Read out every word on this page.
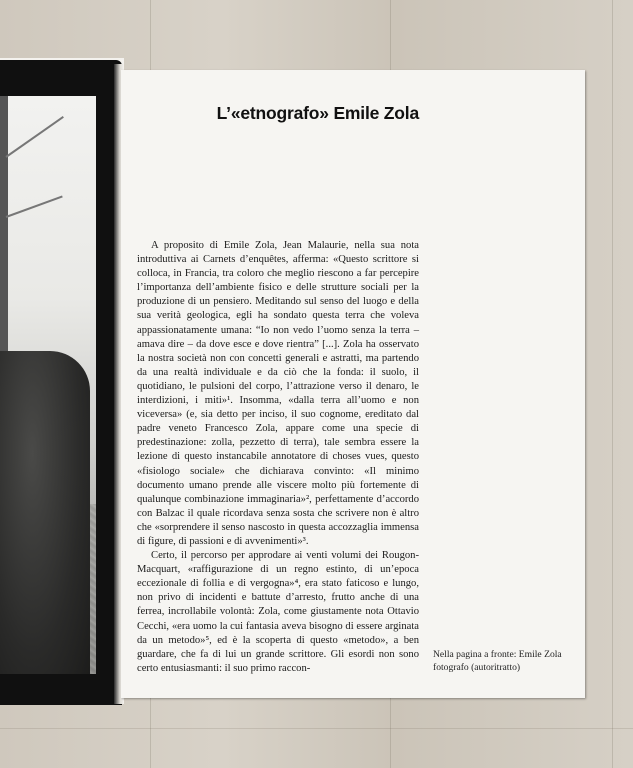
L’«etnografo» Emile Zola

A proposito di Emile Zola, Jean Malaurie, nella sua nota introduttiva ai Carnets d’enquêtes, afferma: «Questo scrittore si colloca, in Francia, tra coloro che meglio riescono a far percepire l’importanza dell’ambiente fisico e delle strutture sociali per la produzione di un pensiero. Meditando sul senso del luogo e della sua verità geologica, egli ha sondato questa terra che voleva appassionatamente umana: “Io non vedo l’uomo senza la terra – amava dire – da dove esce e dove rientra” [...]. Zola ha osservato la nostra società non con concetti generali e astratti, ma partendo da una realtà individuale e da ciò che la fonda: il suolo, il quotidiano, le pulsioni del corpo, l’attrazione verso il denaro, le interdizioni, i miti»¹. Insomma, «dalla terra all’uomo e non viceversa» (e, sia detto per inciso, il suo cognome, ereditato dal padre veneto Francesco Zola, appare come una specie di predestinazione: zolla, pezzetto di terra), tale sembra essere la lezione di questo instancabile annotatore di choses vues, questo «fisiologo sociale» che dichiarava convinto: «Il minimo documento umano prende alle viscere molto più fortemente di qualunque combinazione immaginaria»², perfettamente d’accordo con Balzac il quale ricordava senza sosta che scrivere non è altro che «sorprendere il senso nascosto in questa accozzaglia immensa di figure, di passioni e di avvenimenti»³.

Certo, il percorso per approdare ai venti volumi dei Rougon-Macquart, «raffigurazione di un regno estinto, di un’epoca eccezionale di follia e di vergogna»⁴, era stato faticoso e lungo, non privo di incidenti e battute d’arresto, frutto anche di una ferrea, incrollabile volontà: Zola, come giustamente nota Ottavio Cecchi, «era uomo la cui fantasia aveva bisogno di essere arginata da un metodo»⁵, ed è la scoperta di questo «metodo», a ben guardare, che fa di lui un grande scrittore. Gli esordi non sono certo entusiasmanti: il suo primo raccon-

Nella pagina a fronte: Emile Zola fotografo (autoritratto)
